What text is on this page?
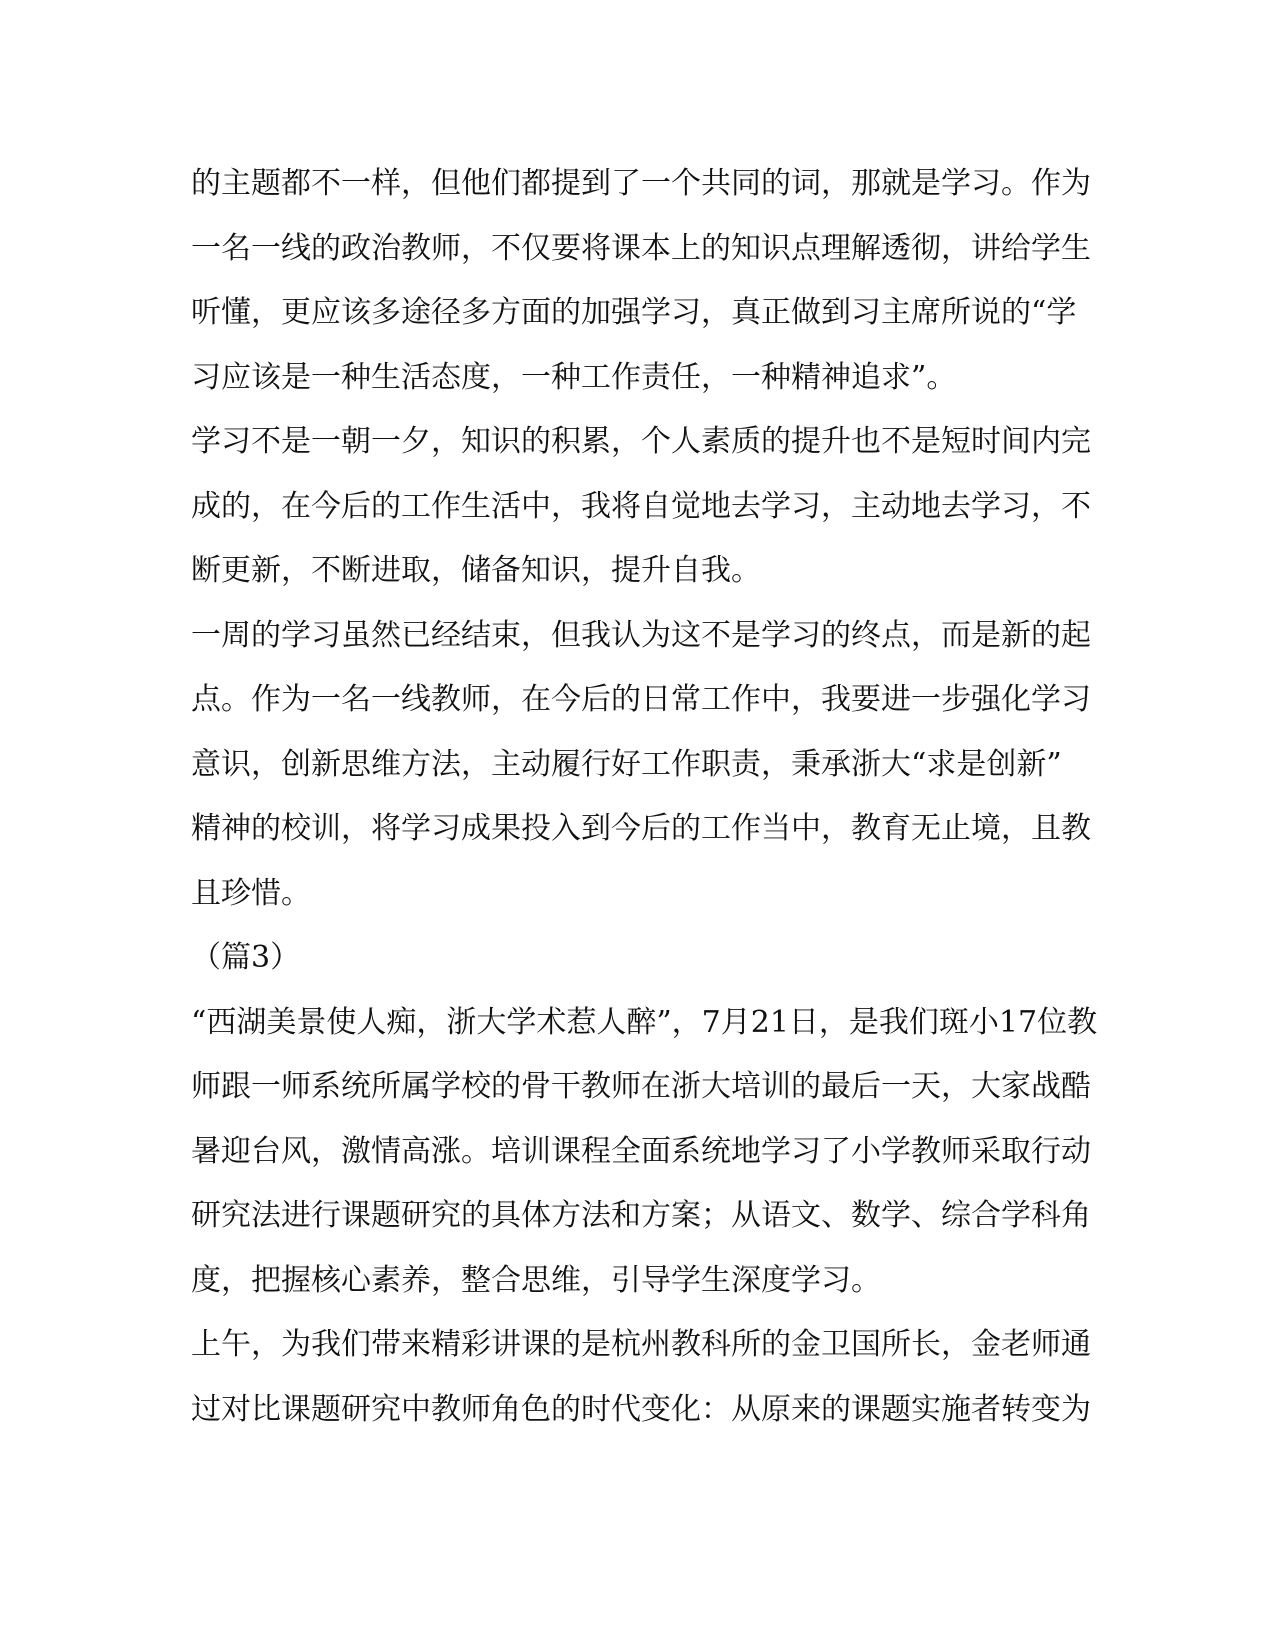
的主题都不一样，但他们都提到了一个共同的词，那就是学习。作为

一名一线的政治教师，不仅要将课本上的知识点理解透彻，讲给学生

听懂，更应该多途径多方面的加强学习，真正做到习主席所说的“学

习应该是一种生活态度，一种工作责任，一种精神追求”。

学习不是一朝一夕，知识的积累，个人素质的提升也不是短时间内完

成的，在今后的工作生活中，我将自觉地去学习，主动地去学习，不

断更新，不断进取，储备知识，提升自我。

一周的学习虽然已经结束，但我认为这不是学习的终点，而是新的起

点。作为一名一线教师，在今后的日常工作中，我要进一步强化学习

意识，创新思维方法，主动履行好工作职责，秉承浙大“求是创新”

精神的校训，将学习成果投入到今后的工作当中，教育无止境，且教

且珍惜。

（篇3）

“西湖美景使人痴，浙大学术惹人醉”，7月21日，是我们斑小17位教

师跟一师系统所属学校的骨干教师在浙大培训的最后一天，大家战酷

暑迎台风，激情高涨。培训课程全面系统地学习了小学教师采取行动

研究法进行课题研究的具体方法和方案；从语文、数学、综合学科角

度，把握核心素养，整合思维，引导学生深度学习。

上午，为我们带来精彩讲课的是杭州教科所的金卫国所长，金老师通

过对比课题研究中教师角色的时代变化：从原来的课题实施者转变为
